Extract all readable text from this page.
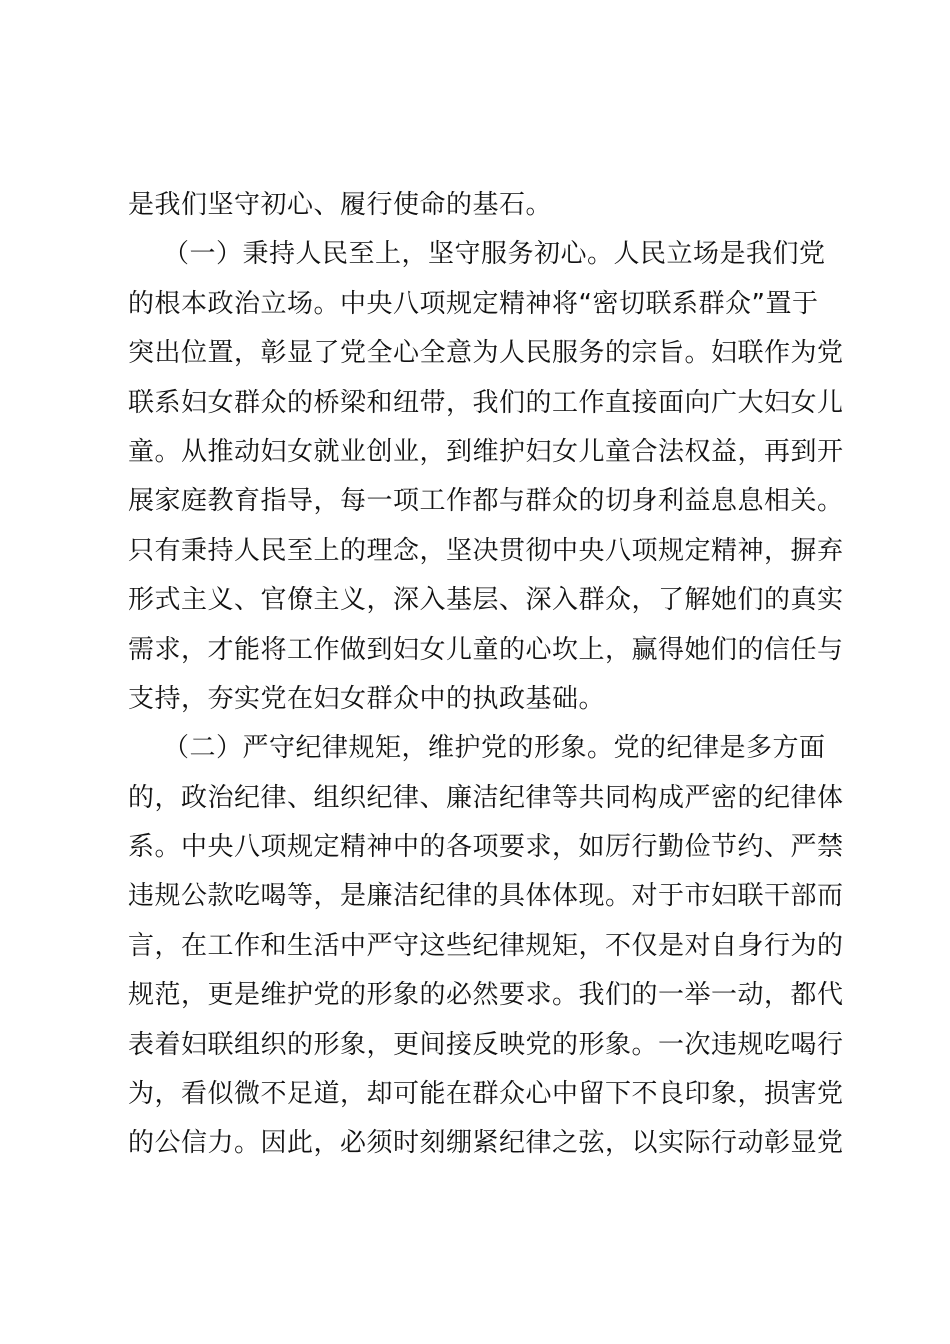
是我们坚守初心、履行使命的基石。
（一）秉持人民至上，坚守服务初心。人民立场是我们党
的根本政治立场。中央八项规定精神将“密切联系群众”置于
突出位置，彰显了党全心全意为人民服务的宗旨。妇联作为党
联系妇女群众的桥梁和纽带，我们的工作直接面向广大妇女儿
童。从推动妇女就业创业，到维护妇女儿童合法权益，再到开
展家庭教育指导，每一项工作都与群众的切身利益息息相关。
只有秉持人民至上的理念，坚决贯彻中央八项规定精神，摒弃
形式主义、官僚主义，深入基层、深入群众，了解她们的真实
需求，才能将工作做到妇女儿童的心坎上，赢得她们的信任与
支持，夯实党在妇女群众中的执政基础。
（二）严守纪律规矩，维护党的形象。党的纪律是多方面
的，政治纪律、组织纪律、廉洁纪律等共同构成严密的纪律体
系。中央八项规定精神中的各项要求，如厉行勤俭节约、严禁
违规公款吃喝等，是廉洁纪律的具体体现。对于市妇联干部而
言，在工作和生活中严守这些纪律规矩，不仅是对自身行为的
规范，更是维护党的形象的必然要求。我们的一举一动，都代
表着妇联组织的形象，更间接反映党的形象。一次违规吃喝行
为，看似微不足道，却可能在群众心中留下不良印象，损害党
的公信力。因此，必须时刻绷紧纪律之弦，以实际行动彰显党
